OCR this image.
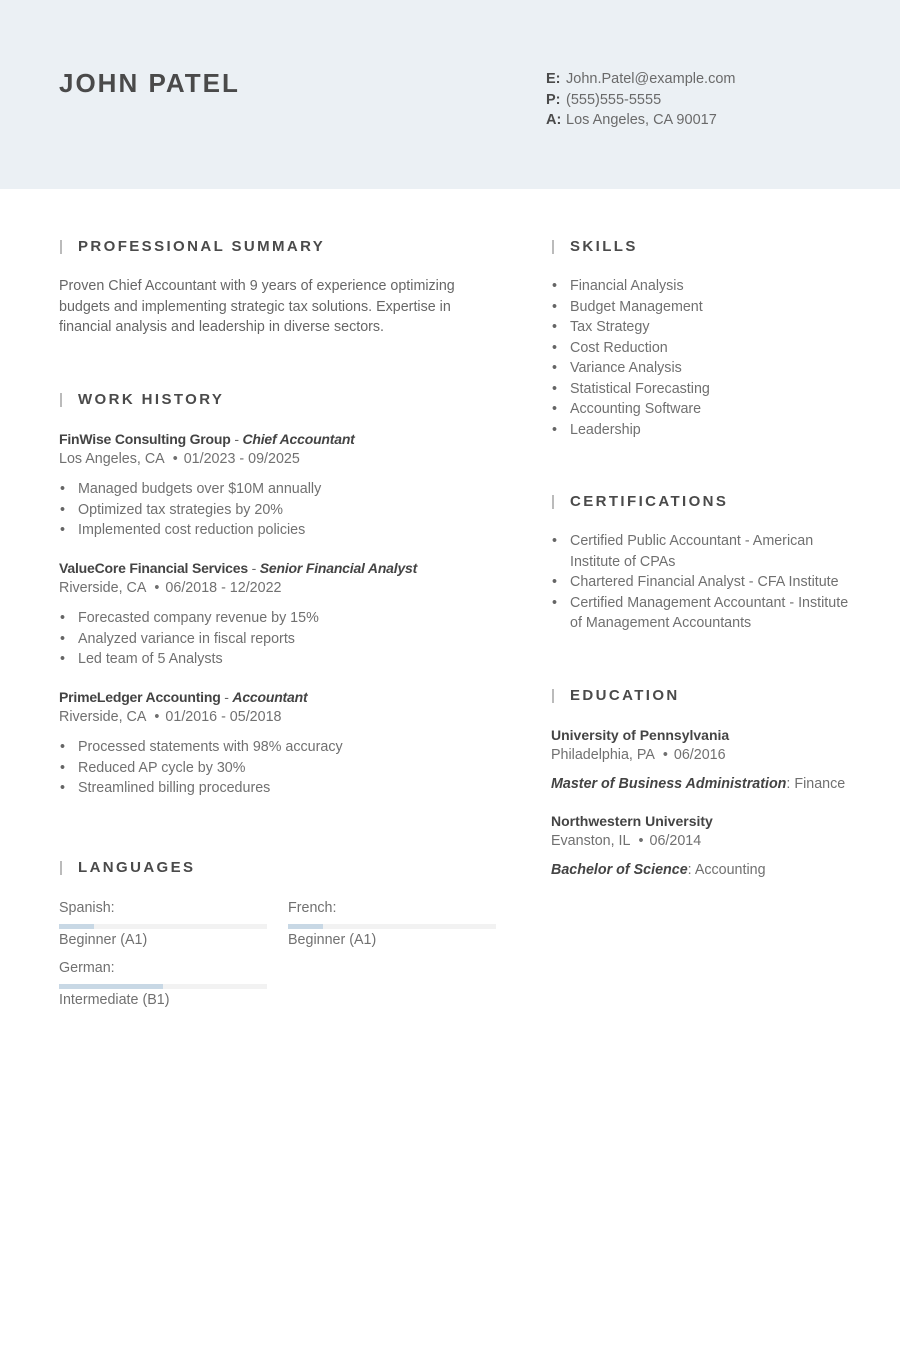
JOHN PATEL	E: John.Patel@example.com
P: (555)555-5555
A: Los Angeles, CA 90017
PROFESSIONAL SUMMARY

Proven Chief Accountant with 9 years of experience optimizing budgets and implementing strategic tax solutions. Expertise in financial analysis and leadership in diverse sectors.

WORK HISTORY
FinWise Consulting Group - Chief Accountant
Los Angeles, CA • 01/2023 - 09/2025
• Managed budgets over $10M annually
• Optimized tax strategies by 20%
• Implemented cost reduction policies
ValueCore Financial Services - Senior Financial Analyst
Riverside, CA • 06/2018 - 12/2022
• Forecasted company revenue by 15%
• Analyzed variance in fiscal reports
• Led team of 5 Analysts
PrimeLedger Accounting - Accountant
Riverside, CA • 01/2016 - 05/2018
• Processed statements with 98% accuracy
• Reduced AP cycle by 30%
• Streamlined billing procedures
LANGUAGES
Spanish:
Beginner (A1)
French:
Beginner (A1)
German:
Intermediate (B1)
SKILLS
• Financial Analysis
• Budget Management
• Tax Strategy
• Cost Reduction
• Variance Analysis
• Statistical Forecasting
• Accounting Software
• Leadership
CERTIFICATIONS
• Certified Public Accountant - American Institute of CPAs
• Chartered Financial Analyst - CFA Institute
• Certified Management Accountant - Institute of Management Accountants
EDUCATION
University of Pennsylvania
Philadelphia, PA • 06/2016
Master of Business Administration: Finance
Northwestern University
Evanston, IL • 06/2014
Bachelor of Science: Accounting
